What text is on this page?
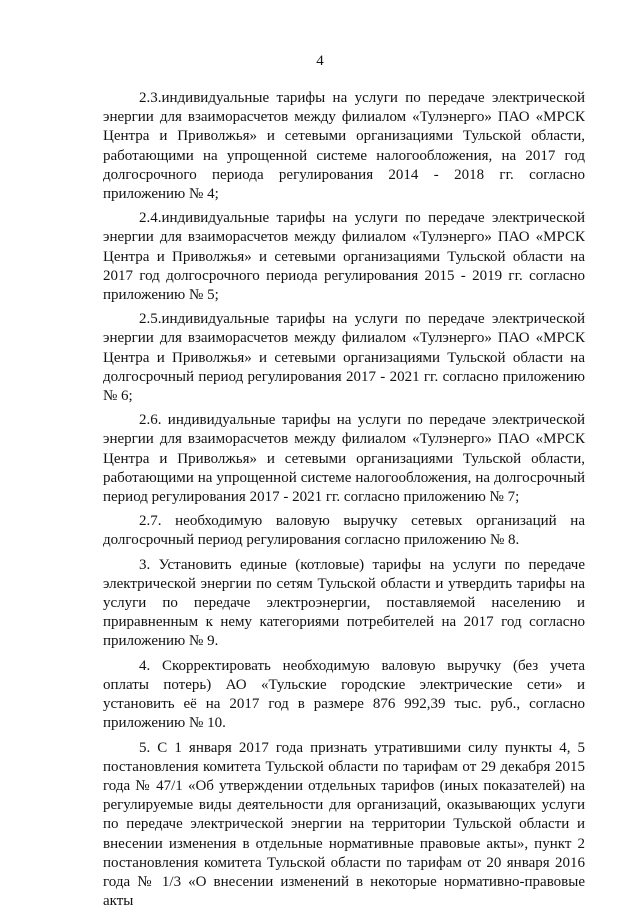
4

2.3.индивидуальные тарифы на услуги по передаче электрической энергии для взаиморасчетов между филиалом «Тулэнерго» ПАО «МРСК Центра и Приволжья» и сетевыми организациями Тульской области, работающими на упрощенной системе налогообложения, на 2017 год долгосрочного периода регулирования 2014 - 2018 гг. согласно приложению № 4;

2.4.индивидуальные тарифы на услуги по передаче электрической энергии для взаиморасчетов между филиалом «Тулэнерго» ПАО «МРСК Центра и Приволжья» и сетевыми организациями Тульской области на 2017 год долгосрочного периода регулирования 2015 - 2019 гг. согласно приложению № 5;

2.5.индивидуальные тарифы на услуги по передаче электрической энергии для взаиморасчетов между филиалом «Тулэнерго» ПАО «МРСК Центра и Приволжья» и сетевыми организациями Тульской области на долгосрочный период регулирования 2017 - 2021 гг. согласно приложению № 6;

2.6. индивидуальные тарифы на услуги по передаче электрической энергии для взаиморасчетов между филиалом «Тулэнерго» ПАО «МРСК Центра и Приволжья» и сетевыми организациями Тульской области, работающими на упрощенной системе налогообложения, на долгосрочный период регулирования 2017 - 2021 гг. согласно приложению № 7;

2.7. необходимую валовую выручку сетевых организаций на долгосрочный период регулирования согласно приложению № 8.

3. Установить единые (котловые) тарифы на услуги по передаче электрической энергии по сетям Тульской области и утвердить тарифы на услуги по передаче электроэнергии, поставляемой населению и приравненным к нему категориями потребителей на 2017 год согласно приложению № 9.

4. Скорректировать необходимую валовую выручку (без учета оплаты потерь) АО «Тульские городские электрические сети» и установить её на 2017 год в размере 876 992,39 тыс. руб., согласно приложению № 10.

5. С 1 января 2017 года признать утратившими силу пункты 4, 5 постановления комитета Тульской области по тарифам от 29 декабря 2015 года № 47/1 «Об утверждении отдельных тарифов (иных показателей) на регулируемые виды деятельности для организаций, оказывающих услуги по передаче электрической энергии на территории Тульской области и внесении изменения в отдельные нормативные правовые акты», пункт 2 постановления комитета Тульской области по тарифам от 20 января 2016 года № 1/3 «О внесении изменений в некоторые нормативно-правовые акты
